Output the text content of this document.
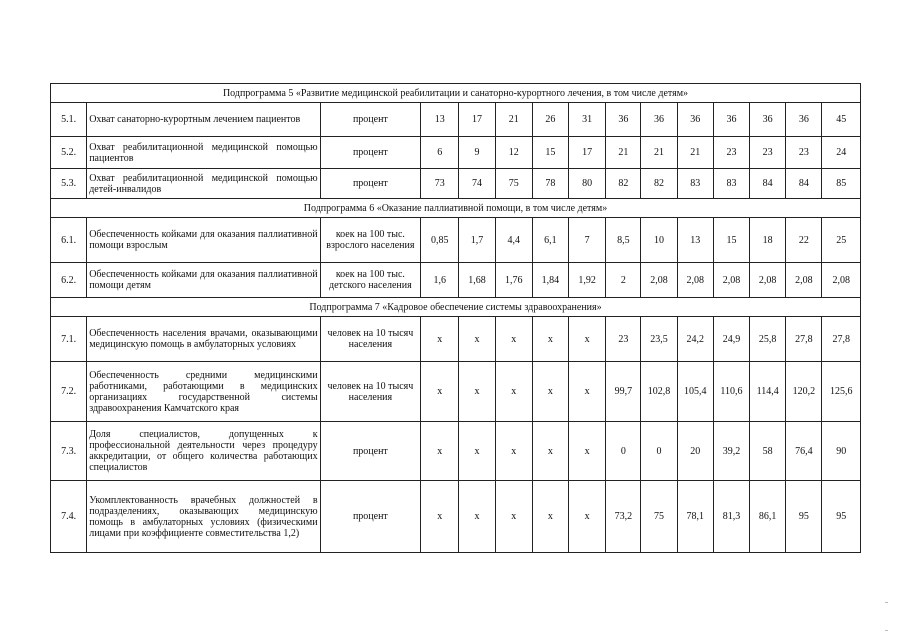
Подпрограмма 5 «Развитие медицинской реабилитации и санаторно-курортного лечения, в том числе детям»														
5.1.	Охват санаторно-курортным лечением пациентов	процент	13	17	21	26	31	36	36	36	36	36	36	45
5.2.	Охват реабилитационной медицинской помощью пациентов	процент	6	9	12	15	17	21	21	21	23	23	23	24
5.3.	Охват реабилитационной медицинской помощью детей-инвалидов	процент	73	74	75	78	80	82	82	83	83	84	84	85
Подпрограмма 6 «Оказание паллиативной помощи, в том числе детям»														
6.1.	Обеспеченность койками для оказания паллиативной помощи взрослым	коек на 100 тыс. взрослого населения	0,85	1,7	4,4	6,1	7	8,5	10	13	15	18	22	25
6.2.	Обеспеченность койками для оказания паллиативной помощи детям	коек на 100 тыс. детского населения	1,6	1,68	1,76	1,84	1,92	2	2,08	2,08	2,08	2,08	2,08	2,08
Подпрограмма 7 «Кадровое обеспечение системы здравоохранения»														
7.1.	Обеспеченность населения врачами, оказывающими медицинскую помощь в амбулаторных условиях	человек на 10 тысяч населения	x	x	x	x	x	23	23,5	24,2	24,9	25,8	27,8	27,8
7.2.	Обеспеченность средними медицинскими работниками, работающими в медицинских организациях государственной системы здравоохранения Камчатского края	человек на 10 тысяч населения	x	x	x	x	x	99,7	102,8	105,4	110,6	114,4	120,2	125,6
7.3.	Доля специалистов, допущенных к профессиональной деятельности через процедуру аккредитации, от общего количества работающих специалистов	процент	x	x	x	x	x	0	0	20	39,2	58	76,4	90
7.4.	Укомплектованность врачебных должностей в подразделениях, оказывающих медицинскую помощь в амбулаторных условиях (физическими лицами при коэффициенте совместительства 1,2)	процент	x	x	x	x	x	73,2	75	78,1	81,3	86,1	95	95
